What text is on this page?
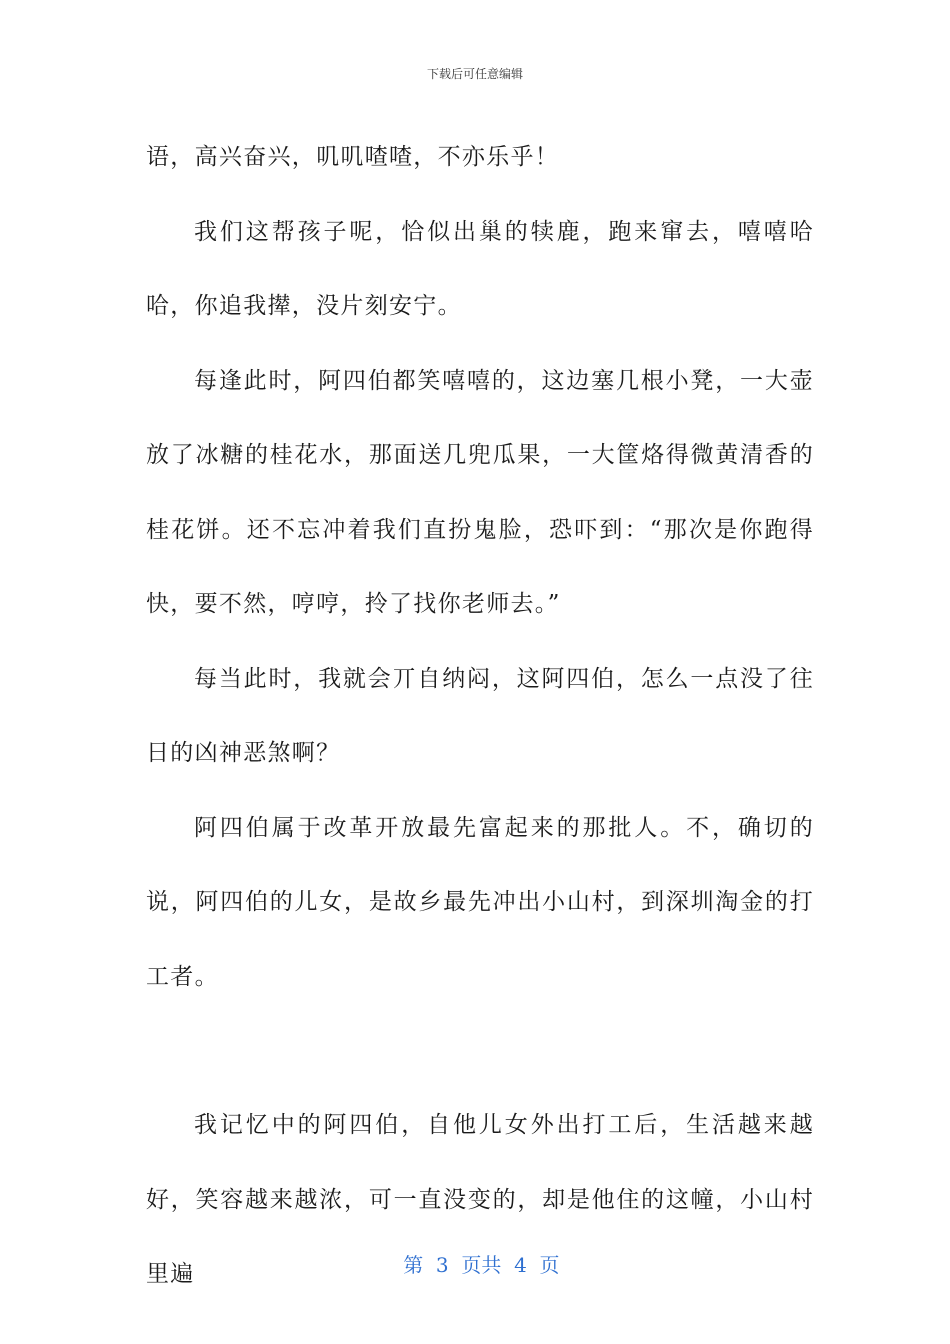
下载后可任意编辑

语，高兴奋兴，叽叽喳喳，不亦乐乎！

我们这帮孩子呢，恰似出巢的犊鹿，跑来窜去，嘻嘻哈哈，你追我撵，没片刻安宁。

每逢此时，阿四伯都笑嘻嘻的，这边塞几根小凳，一大壶放了冰糖的桂花水，那面送几兜瓜果，一大筐烙得微黄清香的桂花饼。还不忘冲着我们直扮鬼脸，恐吓到：“那次是你跑得快，要不然，哼哼，拎了找你老师去。”

每当此时，我就会丌自纳闷，这阿四伯，怎么一点没了往日的凶神恶煞啊？

阿四伯属于改革开放最先富起来的那批人。不，确切的说，阿四伯的儿女，是故乡最先冲出小山村，到深圳淘金的打工者。

我记忆中的阿四伯，自他儿女外出打工后，生活越来越好，笑容越来越浓，可一直没变的，却是他住的这幢，小山村里遍	第  3  页共  4  页
